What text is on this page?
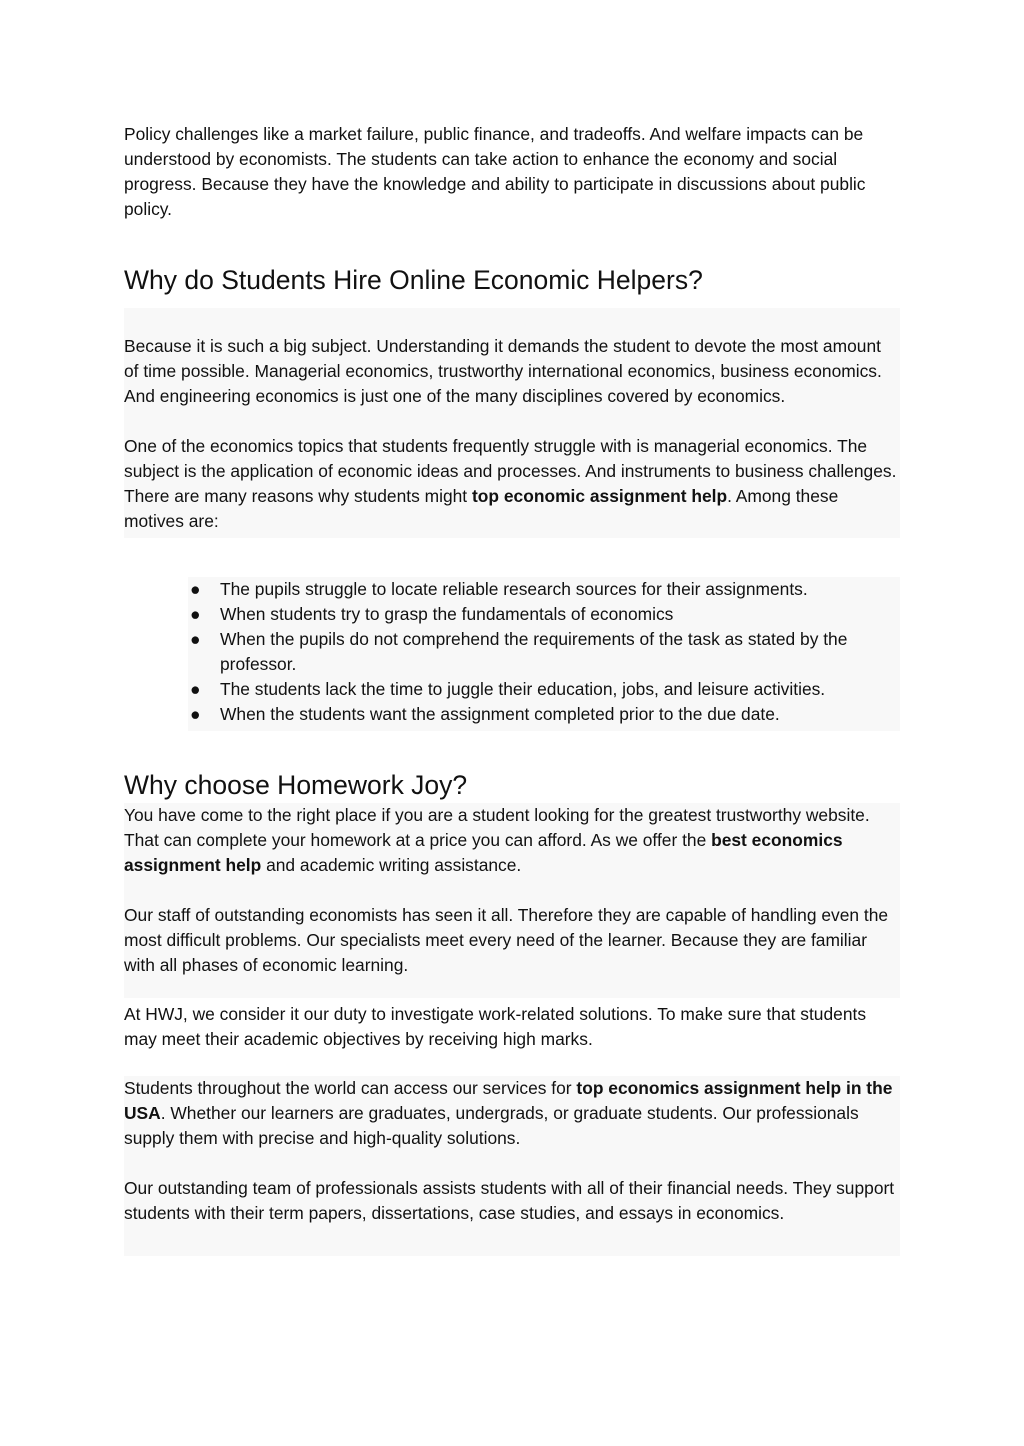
Policy challenges like a market failure, public finance, and tradeoffs. And welfare impacts can be understood by economists. The students can take action to enhance the economy and social progress. Because they have the knowledge and ability to participate in discussions about public policy.

Why do Students Hire Online Economic Helpers?

Because it is such a big subject. Understanding it demands the student to devote the most amount of time possible. Managerial economics, trustworthy international economics, business economics. And engineering economics is just one of the many disciplines covered by economics.

One of the economics topics that students frequently struggle with is managerial economics. The subject is the application of economic ideas and processes. And instruments to business challenges. There are many reasons why students might top economic assignment help. Among these motives are:

● The pupils struggle to locate reliable research sources for their assignments.
● When students try to grasp the fundamentals of economics
● When the pupils do not comprehend the requirements of the task as stated by the professor.
● The students lack the time to juggle their education, jobs, and leisure activities.
● When the students want the assignment completed prior to the due date.
Why choose Homework Joy?

You have come to the right place if you are a student looking for the greatest trustworthy website. That can complete your homework at a price you can afford. As we offer the best economics assignment help and academic writing assistance.

Our staff of outstanding economists has seen it all. Therefore they are capable of handling even the most difficult problems. Our specialists meet every need of the learner. Because they are familiar with all phases of economic learning.

At HWJ, we consider it our duty to investigate work-related solutions. To make sure that students may meet their academic objectives by receiving high marks.

Students throughout the world can access our services for top economics assignment help in the USA. Whether our learners are graduates, undergrads, or graduate students. Our professionals supply them with precise and high-quality solutions.

Our outstanding team of professionals assists students with all of their financial needs. They support students with their term papers, dissertations, case studies, and essays in economics.
